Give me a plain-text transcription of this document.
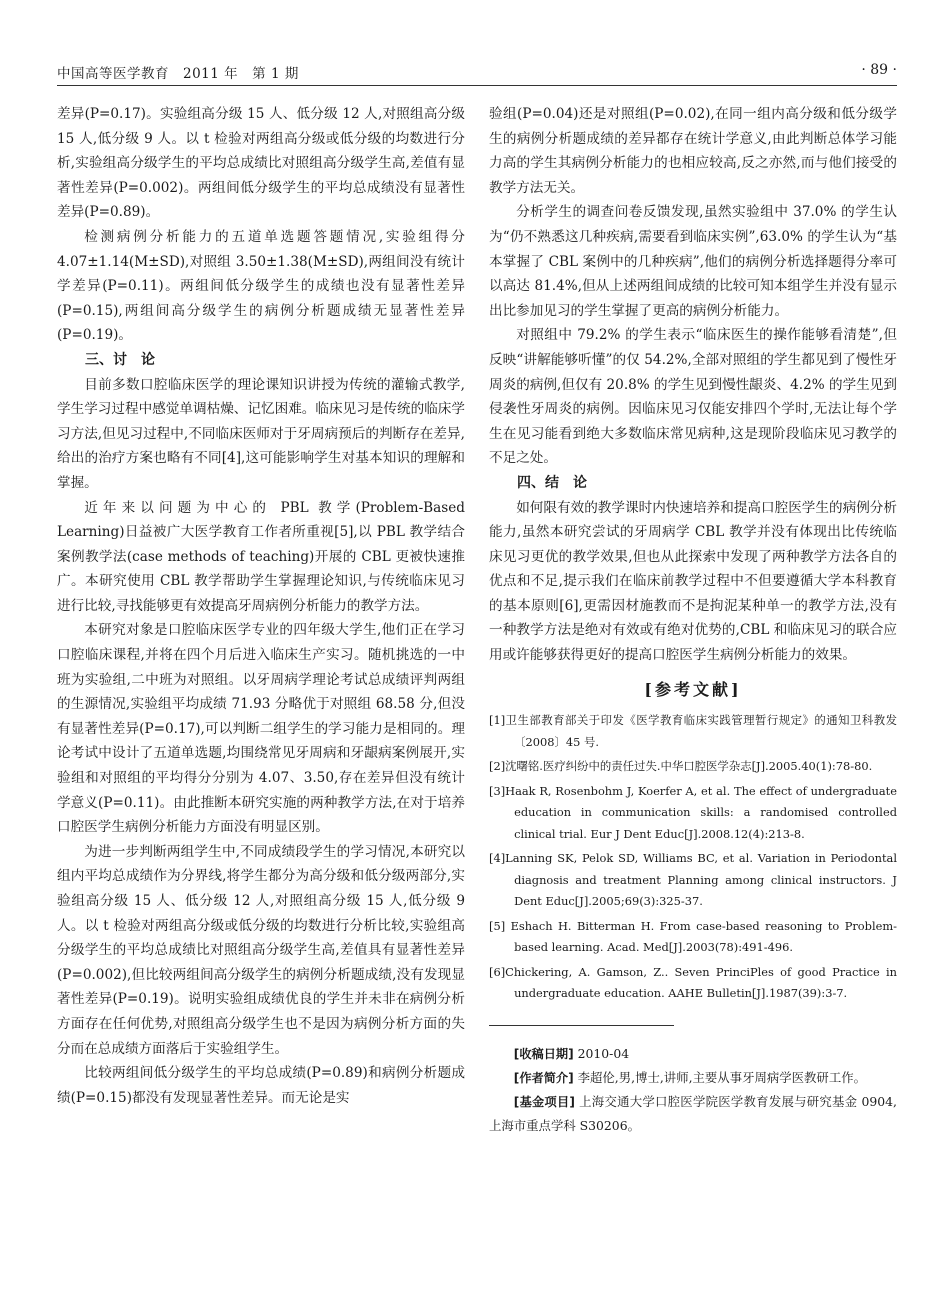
中国高等医学教育　2011 年　第 1 期	· 89 ·

差异(P=0.17)。实验组高分级 15 人、低分级 12 人,对照组高分级 15 人,低分级 9 人。以 t 检验对两组高分级或低分级的均数进行分析,实验组高分级学生的平均总成绩比对照组高分级学生高,差值有显著性差异(P=0.002)。两组间低分级学生的平均总成绩没有显著性差异(P=0.89)。

检测病例分析能力的五道单选题答题情况,实验组得分 4.07±1.14(M±SD),对照组 3.50±1.38(M±SD),两组间没有统计学差异(P=0.11)。两组间低分级学生的成绩也没有显著性差异(P=0.15),两组间高分级学生的病例分析题成绩无显著性差异(P=0.19)。

三、讨　论

目前多数口腔临床医学的理论课知识讲授为传统的灌输式教学,学生学习过程中感觉单调枯燥、记忆困难。临床见习是传统的临床学习方法,但见习过程中,不同临床医师对于牙周病预后的判断存在差异,给出的治疗方案也略有不同[4],这可能影响学生对基本知识的理解和掌握。

近年来以问题为中心的 PBL 教学(Problem-Based Learning)日益被广大医学教育工作者所重视[5],以 PBL 教学结合案例教学法(case methods of teaching)开展的 CBL 更被快速推广。本研究使用 CBL 教学帮助学生掌握理论知识,与传统临床见习进行比较,寻找能够更有效提高牙周病例分析能力的教学方法。

本研究对象是口腔临床医学专业的四年级大学生,他们正在学习口腔临床课程,并将在四个月后进入临床生产实习。随机挑选的一中班为实验组,二中班为对照组。以牙周病学理论考试总成绩评判两组的生源情况,实验组平均成绩 71.93 分略优于对照组 68.58 分,但没有显著性差异(P=0.17),可以判断二组学生的学习能力是相同的。理论考试中设计了五道单选题,均围绕常见牙周病和牙龈病案例展开,实验组和对照组的平均得分分别为 4.07、3.50,存在差异但没有统计学意义(P=0.11)。由此推断本研究实施的两种教学方法,在对于培养口腔医学生病例分析能力方面没有明显区别。

为进一步判断两组学生中,不同成绩段学生的学习情况,本研究以组内平均总成绩作为分界线,将学生都分为高分级和低分级两部分,实验组高分级 15 人、低分级 12 人,对照组高分级 15 人,低分级 9 人。以 t 检验对两组高分级或低分级的均数进行分析比较,实验组高分级学生的平均总成绩比对照组高分级学生高,差值具有显著性差异(P=0.002),但比较两组间高分级学生的病例分析题成绩,没有发现显著性差异(P=0.19)。说明实验组成绩优良的学生并未非在病例分析方面存在任何优势,对照组高分级学生也不是因为病例分析方面的失分而在总成绩方面落后于实验组学生。

比较两组间低分级学生的平均总成绩(P=0.89)和病例分析题成绩(P=0.15)都没有发现显著性差异。而无论是实

验组(P=0.04)还是对照组(P=0.02),在同一组内高分级和低分级学生的病例分析题成绩的差异都存在统计学意义,由此判断总体学习能力高的学生其病例分析能力的也相应较高,反之亦然,而与他们接受的教学方法无关。

分析学生的调查问卷反馈发现,虽然实验组中 37.0% 的学生认为“仍不熟悉这几种疾病,需要看到临床实例”,63.0% 的学生认为“基本掌握了 CBL 案例中的几种疾病”,他们的病例分析选择题得分率可以高达 81.4%,但从上述两组间成绩的比较可知本组学生并没有显示出比参加见习的学生掌握了更高的病例分析能力。

对照组中 79.2% 的学生表示“临床医生的操作能够看清楚”,但反映“讲解能够听懂”的仅 54.2%,全部对照组的学生都见到了慢性牙周炎的病例,但仅有 20.8% 的学生见到慢性龈炎、4.2% 的学生见到侵袭性牙周炎的病例。因临床见习仅能安排四个学时,无法让每个学生在见习能看到绝大多数临床常见病种,这是现阶段临床见习教学的不足之处。

四、结　论

如何限有效的教学课时内快速培养和提高口腔医学生的病例分析能力,虽然本研究尝试的牙周病学 CBL 教学并没有体现出比传统临床见习更优的教学效果,但也从此探索中发现了两种教学方法各自的优点和不足,提示我们在临床前教学过程中不但要遵循大学本科教育的基本原则[6],更需因材施教而不是拘泥某种单一的教学方法,没有一种教学方法是绝对有效或有绝对优势的,CBL 和临床见习的联合应用或许能够获得更好的提高口腔医学生病例分析能力的效果。

[参考文献]
[1]卫生部教育部关于印发《医学教育临床实践管理暂行规定》的通知卫科教发〔2008〕45 号.
[2]沈曙铭.医疗纠纷中的责任过失.中华口腔医学杂志[J].2005.40(1):78-80.
[3]Haak R, Rosenbohm J, Koerfer A, et al. The effect of undergraduate education in communication skills: a randomised controlled clinical trial. Eur J Dent Educ[J].2008.12(4):213-8.
[4]Lanning SK, Pelok SD, Williams BC, et al. Variation in Periodontal diagnosis and treatment Planning among clinical instructors. J Dent Educ[J].2005;69(3):325-37.
[5] Eshach H. Bitterman H. From case-based reasoning to Problem-based learning. Acad. Med[J].2003(78):491-496.
[6]Chickering, A. Gamson, Z.. Seven PrinciPles of good Practice in undergraduate education. AAHE Bulletin[J].1987(39):3-7.

[收稿日期] 2010-04

[作者简介] 李超伦,男,博士,讲师,主要从事牙周病学医教研工作。

[基金项目] 上海交通大学口腔医学院医学教育发展与研究基金 0904,上海市重点学科 S30206。
